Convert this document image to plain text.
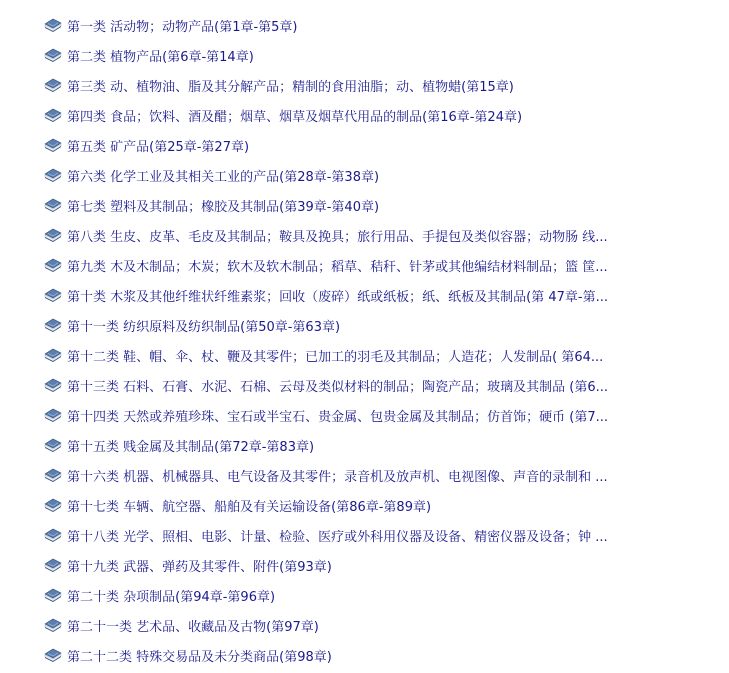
第一类 活动物；动物产品(第1章-第5章)
第二类 植物产品(第6章-第14章)
第三类 动、植物油、脂及其分解产品；精制的食用油脂；动、植物蜡(第15章)
第四类 食品；饮料、酒及醋；烟草、烟草及烟草代用品的制品(第16章-第24章)
第五类 矿产品(第25章-第27章)
第六类 化学工业及其相关工业的产品(第28章-第38章)
第七类 塑料及其制品；橡胶及其制品(第39章-第40章)
第八类 生皮、皮革、毛皮及其制品；鞍具及挽具；旅行用品、手提包及类似容器；动物肠 线...
第九类 木及木制品；木炭；软木及软木制品；稻草、秸秆、针茅或其他编结材料制品；篮 筐...
第十类 木浆及其他纤维状纤维素浆；回收（废碎）纸或纸板；纸、纸板及其制品(第 47章-第...
第十一类 纺织原料及纺织制品(第50章-第63章)
第十二类 鞋、帽、伞、杖、鞭及其零件；已加工的羽毛及其制品；人造花；人发制品( 第64...
第十三类 石料、石膏、水泥、石棉、云母及类似材料的制品；陶瓷产品；玻璃及其制品 (第6...
第十四类 天然或养殖珍珠、宝石或半宝石、贵金属、包贵金属及其制品；仿首饰；硬币 (第7...
第十五类 贱金属及其制品(第72章-第83章)
第十六类 机器、机械器具、电气设备及其零件；录音机及放声机、电视图像、声音的录制和 ...
第十七类 车辆、航空器、船舶及有关运输设备(第86章-第89章)
第十八类 光学、照相、电影、计量、检验、医疗或外科用仪器及设备、精密仪器及设备；钟 ...
第十九类 武器、弹药及其零件、附件(第93章)
第二十类 杂项制品(第94章-第96章)
第二十一类 艺术品、收藏品及古物(第97章)
第二十二类 特殊交易品及未分类商品(第98章)
